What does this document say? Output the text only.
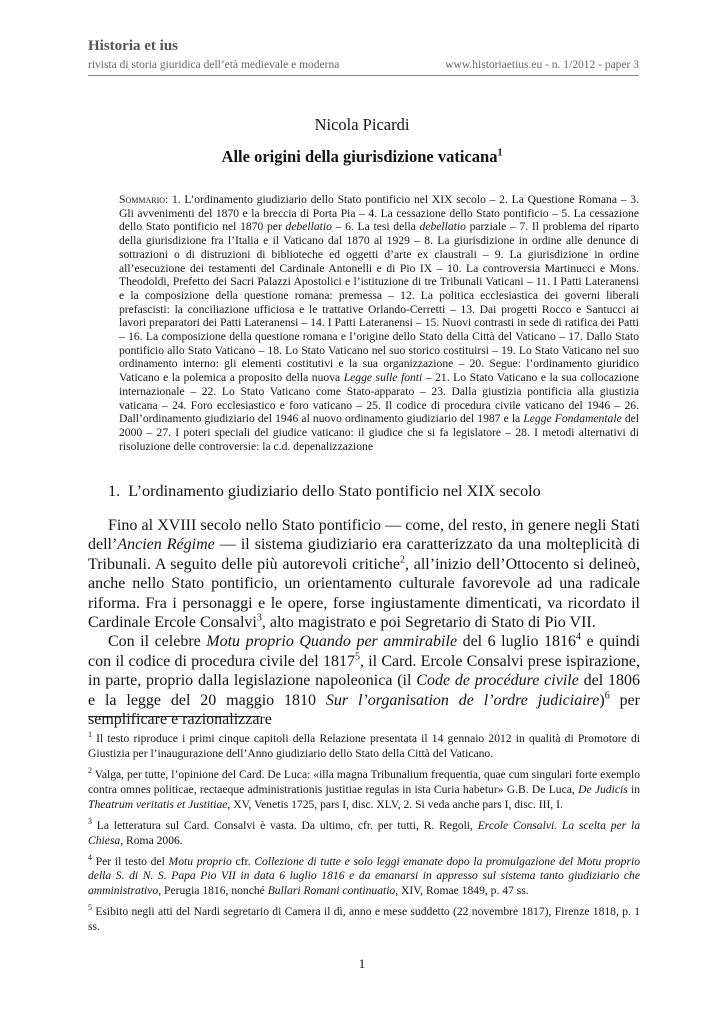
Historia et ius
rivista di storia giuridica dell’età medievale e moderna	www.historiaetius.eu - n. 1/2012 - paper 3
Nicola Picardi
Alle origini della giurisdizione vaticana$^1$
Sommario: 1. L’ordinamento giudiziario dello Stato pontificio nel XIX secolo – 2. La Questione Romana – 3. Gli avvenimenti del 1870 e la breccia di Porta Pia – 4. La cessazione dello Stato pontificio – 5. La cessazione dello Stato pontificio nel 1870 per debellatio – 6. La tesi della debellatio parziale – 7. Il problema del riparto della giurisdizione fra l’Italia e il Vaticano dal 1870 al 1929 – 8. La giurisdizione in ordine alle denunce di sottrazioni o di distruzioni di biblioteche ed oggetti d’arte ex claustrali – 9. La giurisdizione in ordine all’esecuzione dei testamenti del Cardinale Antonelli e di Pio IX – 10. La controversia Martinucci e Mons. Theodoldi, Prefetto dei Sacri Palazzi Apostolici e l’istituzione di tre Tribunali Vaticani – 11. I Patti Lateranensi e la composizione della questione romana: premessa – 12. La politica ecclesiastica dei governi liberali prefascisti: la conciliazione ufficiosa e le trattative Orlando-Cerretti – 13. Dai progetti Rocco e Santucci ai lavori preparatori dei Patti Lateranensi – 14. I Patti Lateranensi – 15. Nuovi contrasti in sede di ratifica dei Patti – 16. La composizione della questione romana e l’origine dello Stato della Città del Vaticano – 17. Dallo Stato pontificio allo Stato Vaticano – 18. Lo Stato Vaticano nel suo storico costituirsi – 19. Lo Stato Vaticano nel suo ordinamento interno: gli elementi costitutivi e la sua organizzazione – 20. Segue: l’ordinamento giuridico Vaticano e la polemica a proposito della nuova Legge sulle fonti – 21. Lo Stato Vaticano e la sua collocazione internazionale – 22. Lo Stato Vaticano come Stato-apparato – 23. Dalla giustizia pontificia alla giustizia vaticana – 24. Foro ecclesiastico e foro vaticano – 25. Il codice di procedura civile vaticano del 1946 – 26. Dall’ordinamento giudiziario del 1946 al nuovo ordinamento giudiziario del 1987 e la Legge Fondamentale del 2000 – 27. I poteri speciali del giudice vaticano: il giudice che si fa legislatore – 28. I metodi alternativi di risoluzione delle controversie: la c.d. depenalizzazione
1.  L’ordinamento giudiziario dello Stato pontificio nel XIX secolo

Fino al XVIII secolo nello Stato pontificio — come, del resto, in genere negli Stati dell’Ancien Régime — il sistema giudiziario era caratterizzato da una molteplicità di Tribunali. A seguito delle più autorevoli critiche$^2$, all’inizio dell’Ottocento si delineò, anche nello Stato pontificio, un orientamento culturale favorevole ad una radicale riforma. Fra i personaggi e le opere, forse ingiustamente dimenticati, va ricordato il Cardinale Ercole Consalvi$^3$, alto magistrato e poi Segretario di Stato di Pio VII.

Con il celebre Motu proprio Quando per ammirabile del 6 luglio 1816$^4$ e quindi con il codice di procedura civile del 1817$^5$, il Card. Ercole Consalvi prese ispirazione, in parte, proprio dalla legislazione napoleonica (il Code de procédure civile del 1806 e la legge del 20 maggio 1810 Sur l’organisation de l’ordre judiciaire)$^6$ per semplificare e razionalizzare

$^1$ Il testo riproduce i primi cinque capitoli della Relazione presentata il 14 gennaio 2012 in qualità di Promotore di Giustizia per l’inaugurazione dell’Anno giudiziario dello Stato della Città del Vaticano.
$^2$ Valga, per tutte, l’opinione del Card. De Luca: «illa magna Tribunalium frequentia, quae cum singulari forte exemplo contra omnes politicae, rectaeque administrationis justitiae regulas in ista Curia habetur» G.B. De Luca, De Judicis in Theatrum veritatis et Justitiae, XV, Venetis 1725, pars I, disc. XLV, 2. Si veda anche pars I, disc. III, I.
$^3$ La letteratura sul Card. Consalvi è vasta. Da ultimo, cfr. per tutti, R. Regoli, Ercole Consalvi. La scelta per la Chiesa, Roma 2006.
$^4$ Per il testo del Motu proprio cfr. Collezione di tutte e solo leggi emanate dopo la promulgazione del Motu proprio della S. di N. S. Papa Pio VII in data 6 luglio 1816 e da emanarsi in appresso sul sistema tanto giudiziario che amministrativo, Perugia 1816, nonché Bullari Romani continuatio, XIV, Romae 1849, p. 47 ss.
$^5$ Esibito negli atti del Nardi segretario di Camera il dì, anno e mese suddetto (22 novembre 1817), Firenze 1818, p. 1 ss.
1
